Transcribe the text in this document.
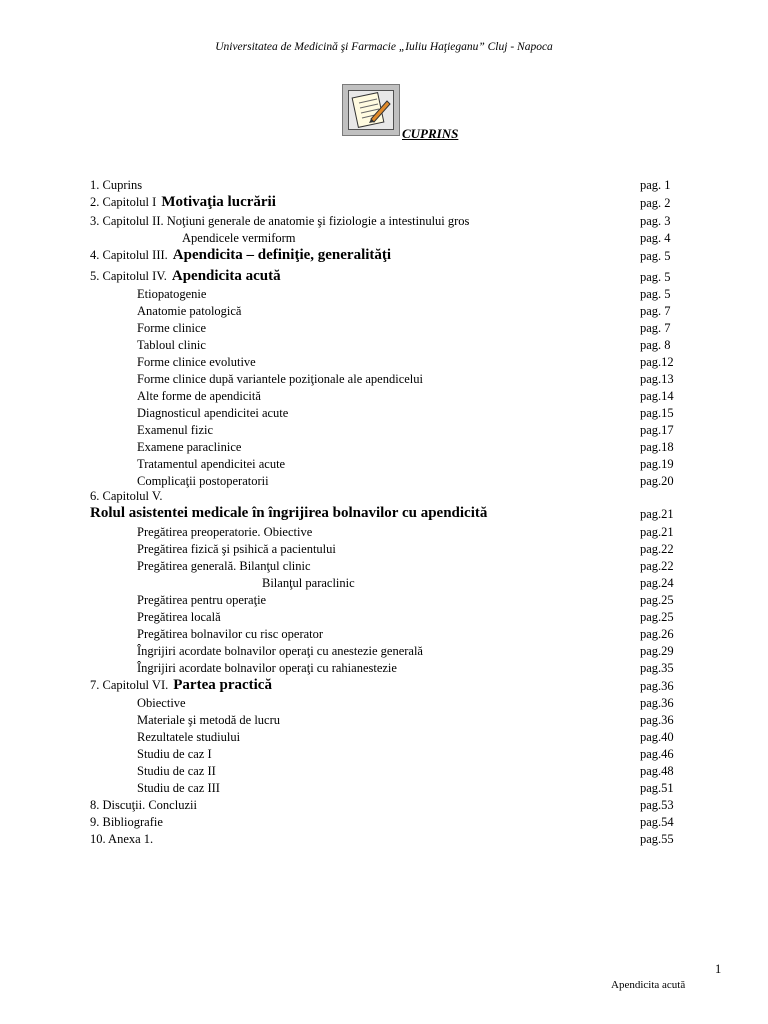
Universitatea de Medicină şi Farmacie „Iuliu Haţieganu” Cluj - Napoca
CUPRINS
1. Cuprins	pag. 1
2. Capitolul I Motivaţia lucrării	pag. 2
3. Capitolul II. Noţiuni generale de anatomie şi fiziologie a intestinului gros	pag. 3
Apendicele vermiform	pag. 4
4. Capitolul III. Apendicita – definiţie, generalităţi	pag. 5
5. Capitolul IV. Apendicita acută	pag. 5
Etiopatogenie	pag. 5
Anatomie patologică	pag. 7
Forme clinice	pag. 7
Tabloul clinic	pag. 8
Forme clinice evolutive	pag.12
Forme clinice după variantele poziţionale ale apendicelui	pag.13
Alte forme de apendicită	pag.14
Diagnosticul apendicitei acute	pag.15
Examenul fizic	pag.17
Examene paraclinice	pag.18
Tratamentul apendicitei acute	pag.19
Complicaţii postoperatorii	pag.20
6. Capitolul V.
Rolul asistentei medicale în îngrijirea bolnavilor cu apendicită	pag.21
Pregătirea preoperatorie. Obiective	pag.21
Pregătirea fizică şi psihică a pacientului	pag.22
Pregătirea generală. Bilanţul clinic	pag.22
Bilanţul paraclinic	pag.24
Pregătirea pentru operaţie	pag.25
Pregătirea locală	pag.25
Pregătirea bolnavilor cu risc operator	pag.26
Îngrijiri acordate bolnavilor operaţi cu anestezie generală	pag.29
Îngrijiri acordate bolnavilor operaţi cu rahianestezie	pag.35
7. Capitolul VI. Partea practică	pag.36
Obiective	pag.36
Materiale şi metodă de lucru	pag.36
Rezultatele studiului	pag.40
Studiu de caz I	pag.46
Studiu de caz II	pag.48
Studiu de caz III	pag.51
8. Discuţii. Concluzii	pag.53
9. Bibliografie	pag.54
10. Anexa 1.	pag.55
1
Apendicita acută
